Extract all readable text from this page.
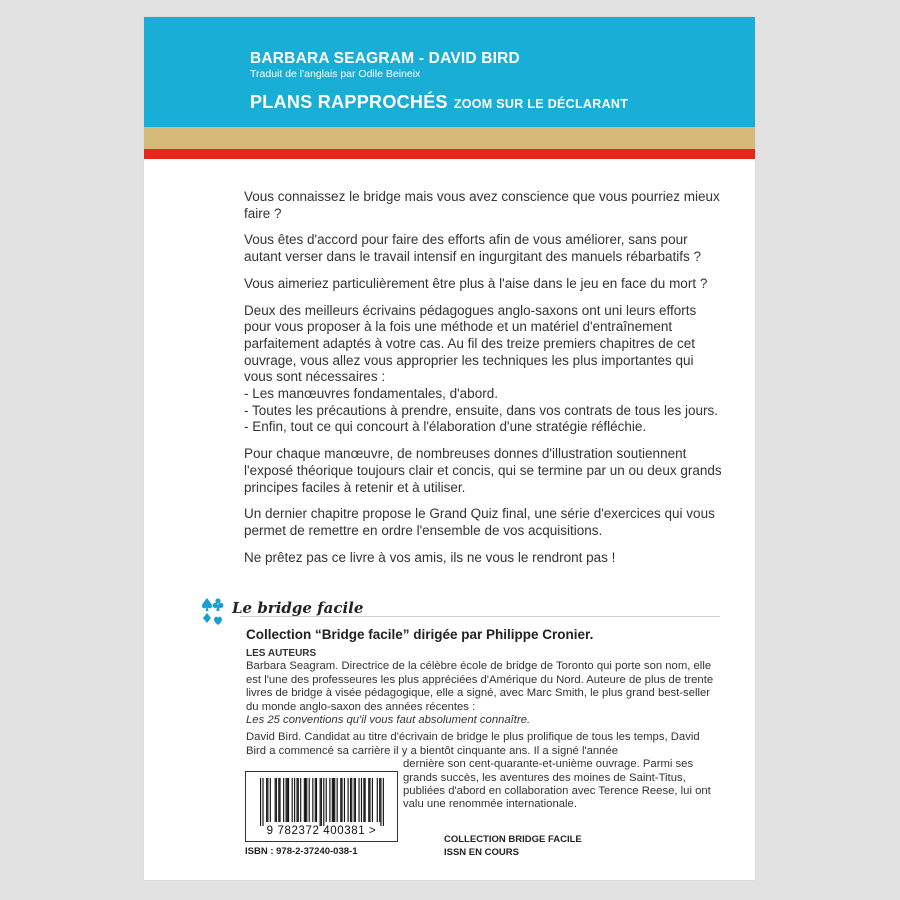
BARBARA SEAGRAM - DAVID BIRD
Traduit de l'anglais par Odile Beineix
PLANS RAPPROCHÉS ZOOM SUR LE DÉCLARANT

Vous connaissez le bridge mais vous avez conscience que vous pourriez mieux faire ?

Vous êtes d'accord pour faire des efforts afin de vous améliorer, sans pour autant verser dans le travail intensif en ingurgitant des manuels rébarbatifs ?

Vous aimeriez particulièrement être plus à l'aise dans le jeu en face du mort ?

Deux des meilleurs écrivains pédagogues anglo-saxons ont uni leurs efforts pour vous proposer à la fois une méthode et un matériel d'entraînement parfaitement adaptés à votre cas. Au fil des treize premiers chapitres de cet ouvrage, vous allez vous approprier les techniques les plus importantes qui vous sont nécessaires :

- Les manœuvres fondamentales, d'abord.
- Toutes les précautions à prendre, ensuite, dans vos contrats de tous les jours.
- Enfin, tout ce qui concourt à l'élaboration d'une stratégie réfléchie.

Pour chaque manœuvre, de nombreuses donnes d'illustration soutiennent l'exposé théorique toujours clair et concis, qui se termine par un ou deux grands principes faciles à retenir et à utiliser.

Un dernier chapitre propose le Grand Quiz final, une série d'exercices qui vous permet de remettre en ordre l'ensemble de vos acquisitions.

Ne prêtez pas ce livre à vos amis, ils ne vous le rendront pas !

Le bridge facile
Collection “Bridge facile” dirigée par Philippe Cronier.

LES AUTEURS

Barbara Seagram. Directrice de la célèbre école de bridge de Toronto qui porte son nom, elle est l'une des professeures les plus appréciées d'Amérique du Nord. Auteure de plus de trente livres de bridge à visée pédagogique, elle a signé, avec Marc Smith, le plus grand best-seller du monde anglo-saxon des années récentes :

Les 25 conventions qu'il vous faut absolument connaître.

David Bird. Candidat au titre d'écrivain de bridge le plus prolifique de tous les temps, David Bird a commencé sa carrière il y a bientôt cinquante ans. Il a signé l'année

dernière son cent-quarante-et-unième ouvrage. Parmi ses grands succès, les aventures des moines de Saint-Titus, publiées d'abord en collaboration avec Terence Reese, lui ont valu une renommée internationale.

9 782372 400381 >
ISBN : 978-2-37240-038-1
COLLECTION BRIDGE FACILE
ISSN EN COURS
